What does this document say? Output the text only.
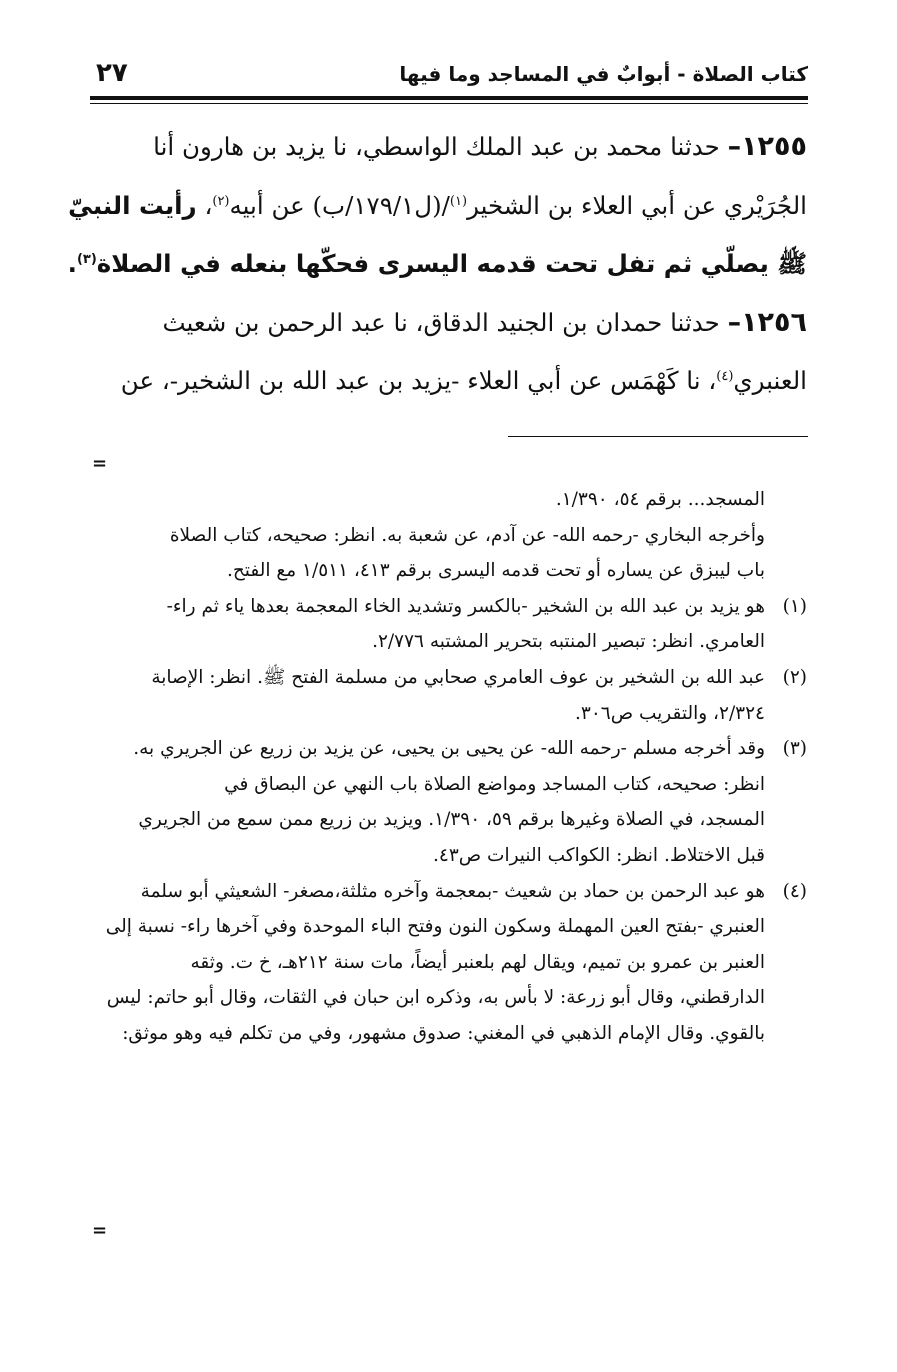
كتاب الصلاة - أبوابٌ في المساجد وما فيها
٢٧
١٢٥٥– حدثنا محمد بن عبد الملك الواسطي، نا يزيد بن هارون أنا
الجُرَيْري عن أبي العلاء بن الشخير$^{(١)}$/(ل١٧٩/١/ب) عن أبيه$^{(٢)}$، رأيت النبيّ
ﷺ يصلّي ثم تفل تحت قدمه اليسرى فحكّها بنعله في الصلاة$^{(٣)}$.
١٢٥٦– حدثنا حمدان بن الجنيد الدقاق، نا عبد الرحمن بن شعيث
العنبري$^{(٤)}$، نا كَهْمَس عن أبي العلاء -يزيد بن عبد الله بن الشخير-، عن
=
المسجد... برقم ٥٤، ١/٣٩٠.
وأخرجه البخاري -رحمه الله- عن آدم، عن شعبة به. انظر: صحيحه، كتاب الصلاة
باب ليبزق عن يساره أو تحت قدمه اليسرى برقم ٤١٣، ١/٥١١ مع الفتح.
(١)هو يزيد بن عبد الله بن الشخير -بالكسر وتشديد الخاء المعجمة بعدها ياء ثم راء-
العامري. انظر: تبصير المنتبه بتحرير المشتبه ٢/٧٧٦.
(٢)عبد الله بن الشخير بن عوف العامري صحابي من مسلمة الفتح ﷺ. انظر: الإصابة
٢/٣٢٤، والتقريب ص٣٠٦.
(٣)وقد أخرجه مسلم -رحمه الله- عن يحيى بن يحيى، عن يزيد بن زريع عن الجريري به.
انظر: صحيحه، كتاب المساجد ومواضع الصلاة باب النهي عن البصاق في
المسجد، في الصلاة وغيرها برقم ٥٩، ١/٣٩٠. ويزيد بن زريع ممن سمع من الجريري
قبل الاختلاط. انظر: الكواكب النيرات ص٤٣.
(٤)هو عبد الرحمن بن حماد بن شعيث -بمعجمة وآخره مثلثة،مصغر- الشعيثي أبو سلمة
العنبري -بفتح العين المهملة وسكون النون وفتح الباء الموحدة وفي آخرها راء- نسبة إلى
العنبر بن عمرو بن تميم، ويقال لهم بلعنبر أيضاً، مات سنة ٢١٢هـ، خ ت. وثقه
الدارقطني، وقال أبو زرعة: لا بأس به، وذكره ابن حبان في الثقات، وقال أبو حاتم: ليس
بالقوي. وقال الإمام الذهبي في المغني: صدوق مشهور، وفي من تكلم فيه وهو موثق:
=
